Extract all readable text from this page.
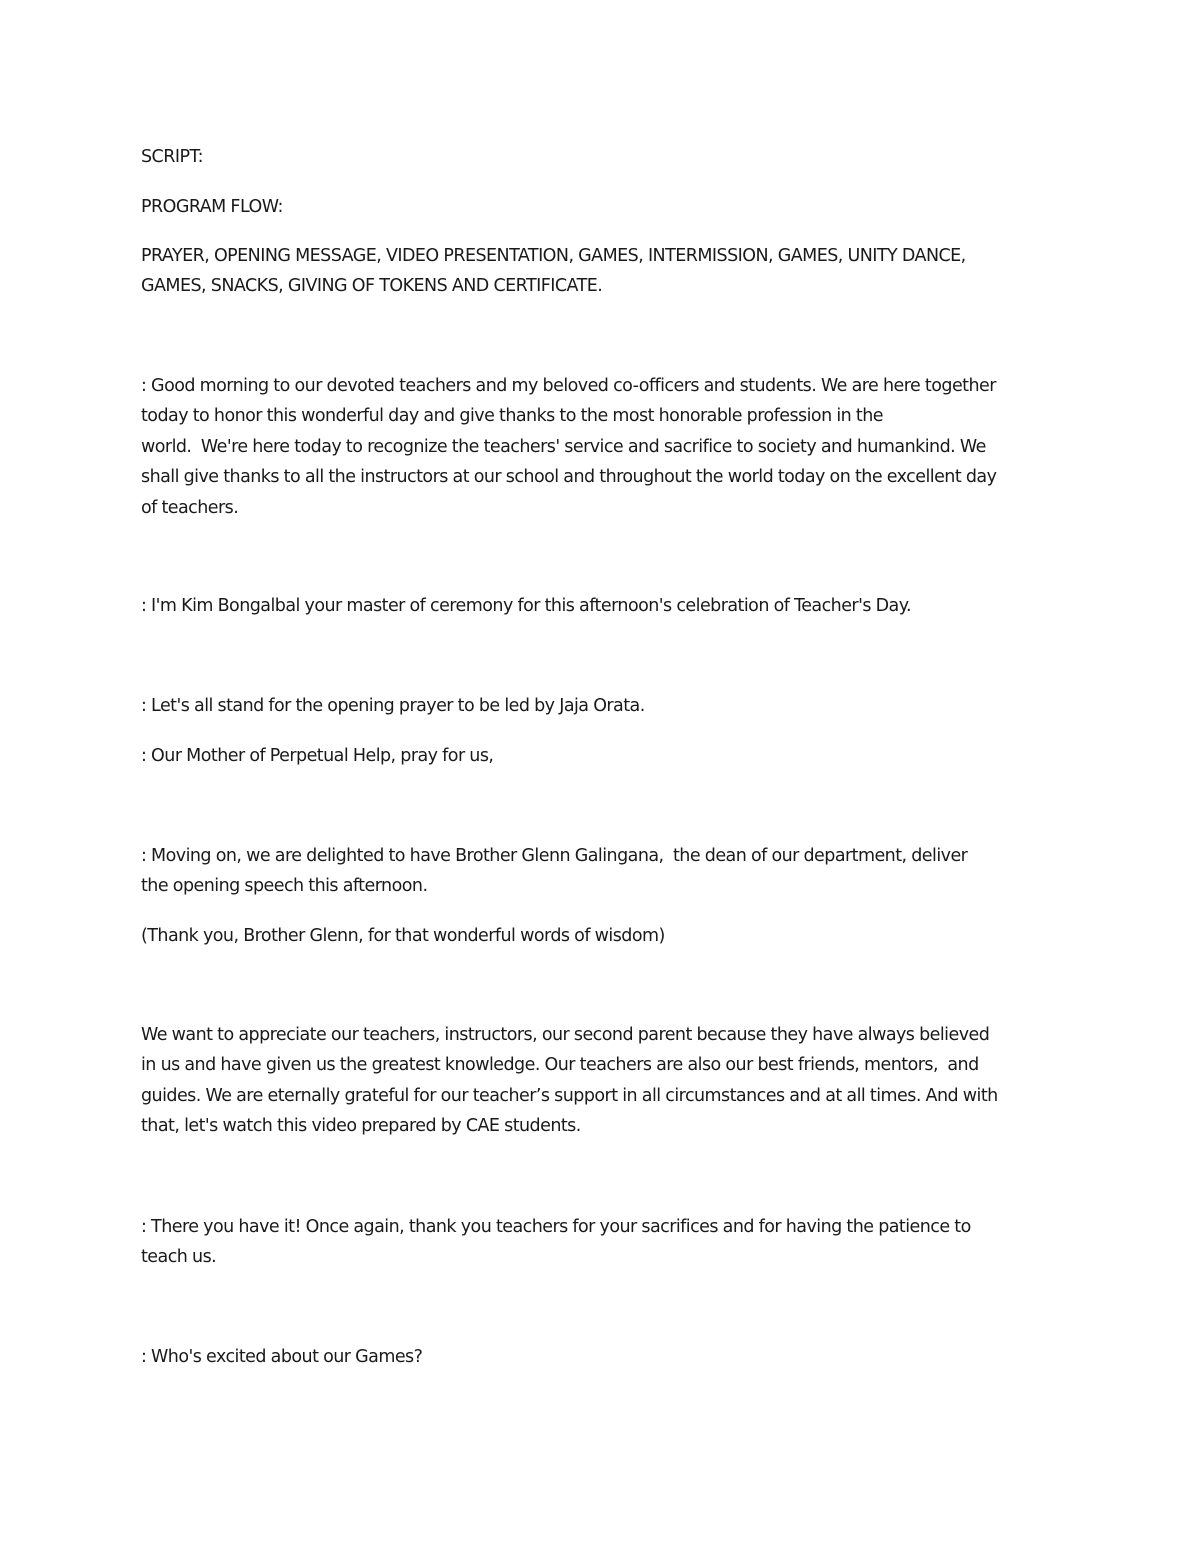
SCRIPT:

PROGRAM FLOW:

PRAYER, OPENING MESSAGE, VIDEO PRESENTATION, GAMES, INTERMISSION, GAMES, UNITY DANCE,
GAMES, SNACKS, GIVING OF TOKENS AND CERTIFICATE.

: Good morning to our devoted teachers and my beloved co-officers and students. We are here together
today to honor this wonderful day and give thanks to the most honorable profession in the
world.  We're here today to recognize the teachers' service and sacrifice to society and humankind. We
shall give thanks to all the instructors at our school and throughout the world today on the excellent day
of teachers.

: I'm Kim Bongalbal your master of ceremony for this afternoon's celebration of Teacher's Day.

: Let's all stand for the opening prayer to be led by Jaja Orata.

: Our Mother of Perpetual Help, pray for us,

: Moving on, we are delighted to have Brother Glenn Galingana,  the dean of our department, deliver
the opening speech this afternoon.

(Thank you, Brother Glenn, for that wonderful words of wisdom)

We want to appreciate our teachers, instructors, our second parent because they have always believed
in us and have given us the greatest knowledge. Our teachers are also our best friends, mentors,  and
guides. We are eternally grateful for our teacher’s support in all circumstances and at all times. And with
that, let's watch this video prepared by CAE students.

: There you have it! Once again, thank you teachers for your sacrifices and for having the patience to
teach us.

: Who's excited about our Games?
